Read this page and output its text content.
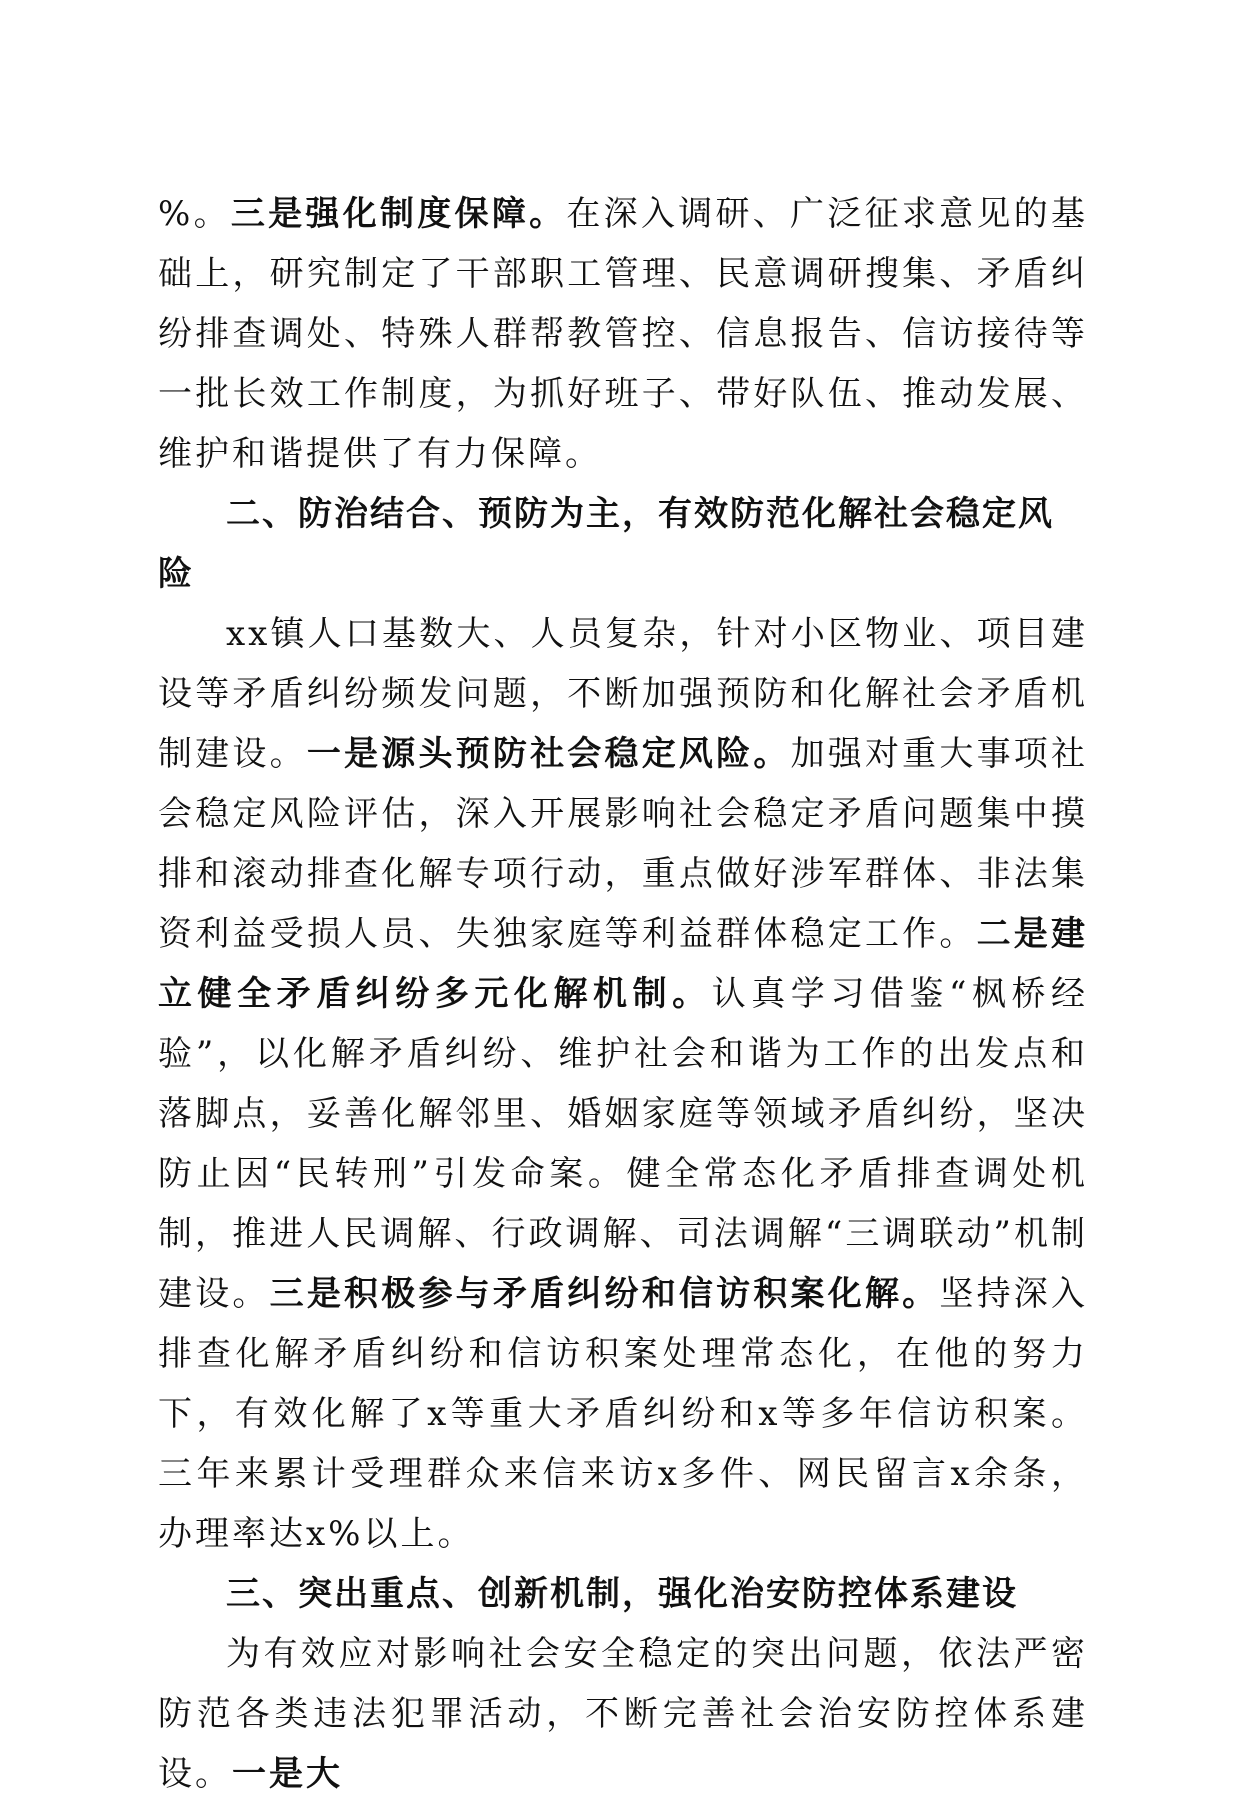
%。三是强化制度保障。在深入调研、广泛征求意见的基础上，研究制定了干部职工管理、民意调研搜集、矛盾纠纷排查调处、特殊人群帮教管控、信息报告、信访接待等一批长效工作制度，为抓好班子、带好队伍、推动发展、维护和谐提供了有力保障。

二、防治结合、预防为主，有效防范化解社会稳定风险

xx镇人口基数大、人员复杂，针对小区物业、项目建设等矛盾纠纷频发问题，不断加强预防和化解社会矛盾机制建设。一是源头预防社会稳定风险。加强对重大事项社会稳定风险评估，深入开展影响社会稳定矛盾问题集中摸排和滚动排查化解专项行动，重点做好涉军群体、非法集资利益受损人员、失独家庭等利益群体稳定工作。二是建立健全矛盾纠纷多元化解机制。认真学习借鉴“枫桥经验”，以化解矛盾纠纷、维护社会和谐为工作的出发点和落脚点，妥善化解邻里、婚姻家庭等领域矛盾纠纷，坚决防止因“民转刑”引发命案。健全常态化矛盾排查调处机制，推进人民调解、行政调解、司法调解“三调联动”机制建设。三是积极参与矛盾纠纷和信访积案化解。坚持深入排查化解矛盾纠纷和信访积案处理常态化，在他的努力下，有效化解了x等重大矛盾纠纷和x等多年信访积案。三年来累计受理群众来信来访x多件、网民留言x余条，办理率达x%以上。

三、突出重点、创新机制，强化治安防控体系建设

为有效应对影响社会安全稳定的突出问题，依法严密防范各类违法犯罪活动，不断完善社会治安防控体系建设。一是大
